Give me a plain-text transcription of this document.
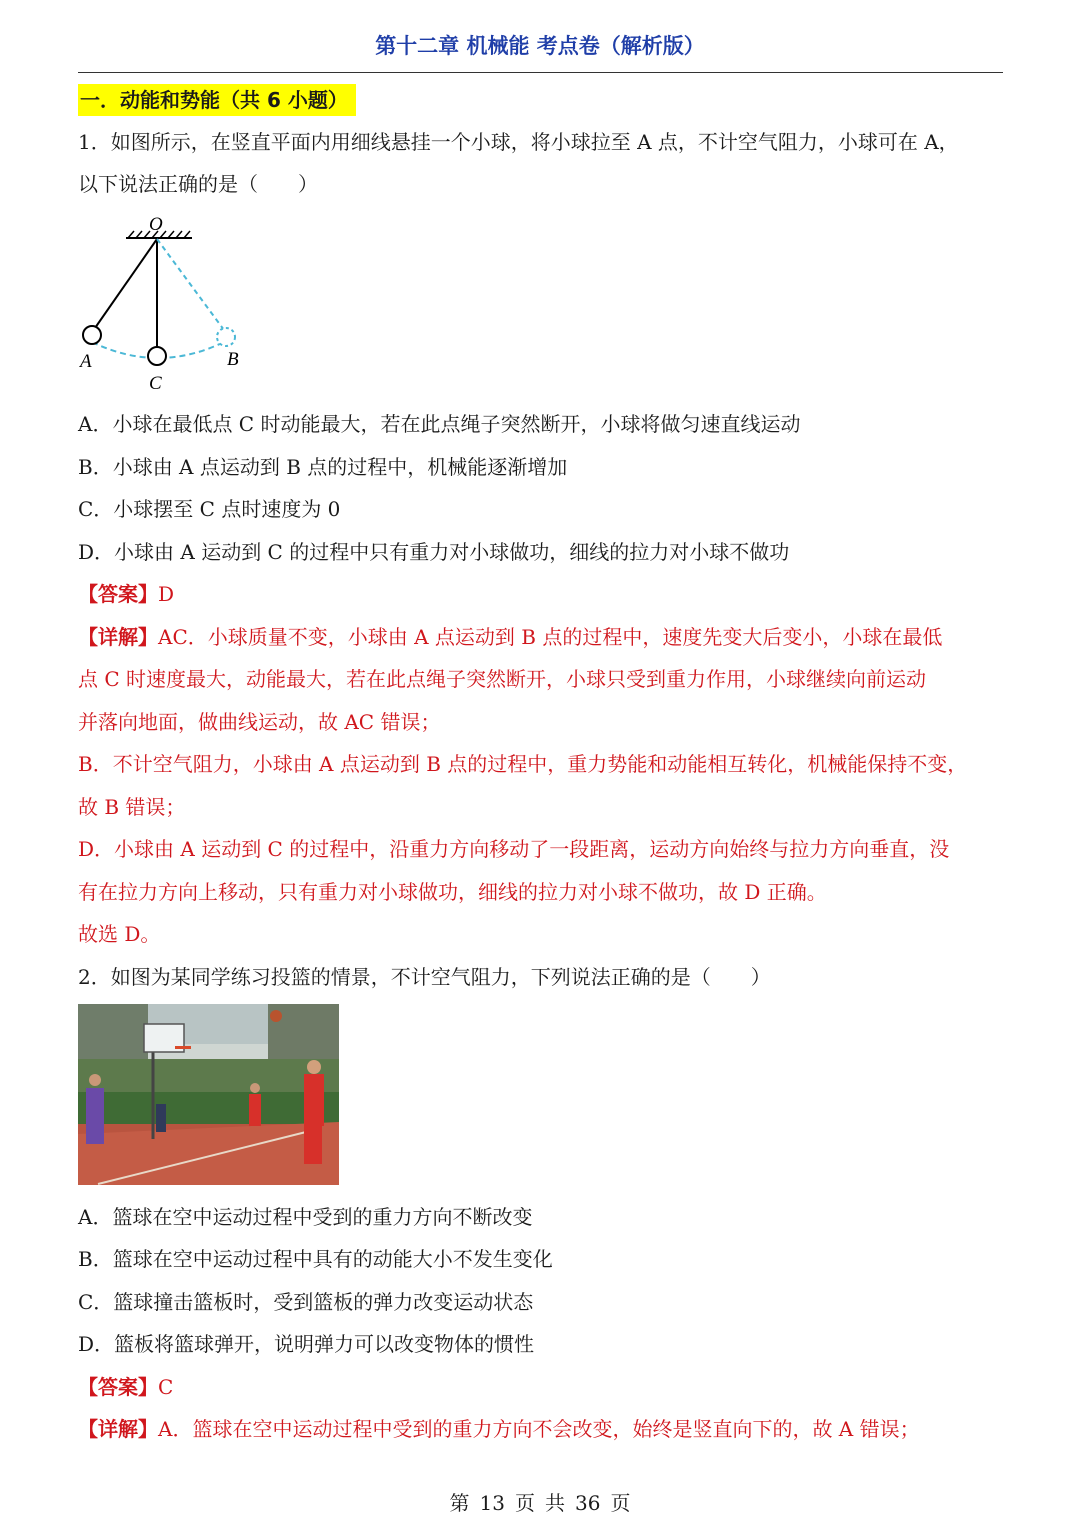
第十二章 机械能 考点卷（解析版）
一．动能和势能（共 6 小题）
1．如图所示，在竖直平面内用细线悬挂一个小球，将小球拉至 A 点，不计空气阻力，小球可在 A，
以下说法正确的是（　　）
O
A	B
C
A．小球在最低点 C 时动能最大，若在此点绳子突然断开，小球将做匀速直线运动
B．小球由 A 点运动到 B 点的过程中，机械能逐渐增加
C．小球摆至 C 点时速度为 0
D．小球由 A 运动到 C 的过程中只有重力对小球做功，细线的拉力对小球不做功
【答案】D
【详解】AC．小球质量不变，小球由 A 点运动到 B 点的过程中，速度先变大后变小，小球在最低
点 C 时速度最大，动能最大，若在此点绳子突然断开，小球只受到重力作用，小球继续向前运动
并落向地面，做曲线运动，故 AC 错误；
B．不计空气阻力，小球由 A 点运动到 B 点的过程中，重力势能和动能相互转化，机械能保持不变，
故 B 错误；
D．小球由 A 运动到 C 的过程中，沿重力方向移动了一段距离，运动方向始终与拉力方向垂直，没
有在拉力方向上移动，只有重力对小球做功，细线的拉力对小球不做功，故 D 正确。
故选 D。
2．如图为某同学练习投篮的情景，不计空气阻力，下列说法正确的是（　　）
A．篮球在空中运动过程中受到的重力方向不断改变
B．篮球在空中运动过程中具有的动能大小不发生变化
C．篮球撞击篮板时，受到篮板的弹力改变运动状态
D．篮板将篮球弹开，说明弹力可以改变物体的惯性
【答案】C
【详解】A．篮球在空中运动过程中受到的重力方向不会改变，始终是竖直向下的，故 A 错误；
第 13 页 共 36 页
